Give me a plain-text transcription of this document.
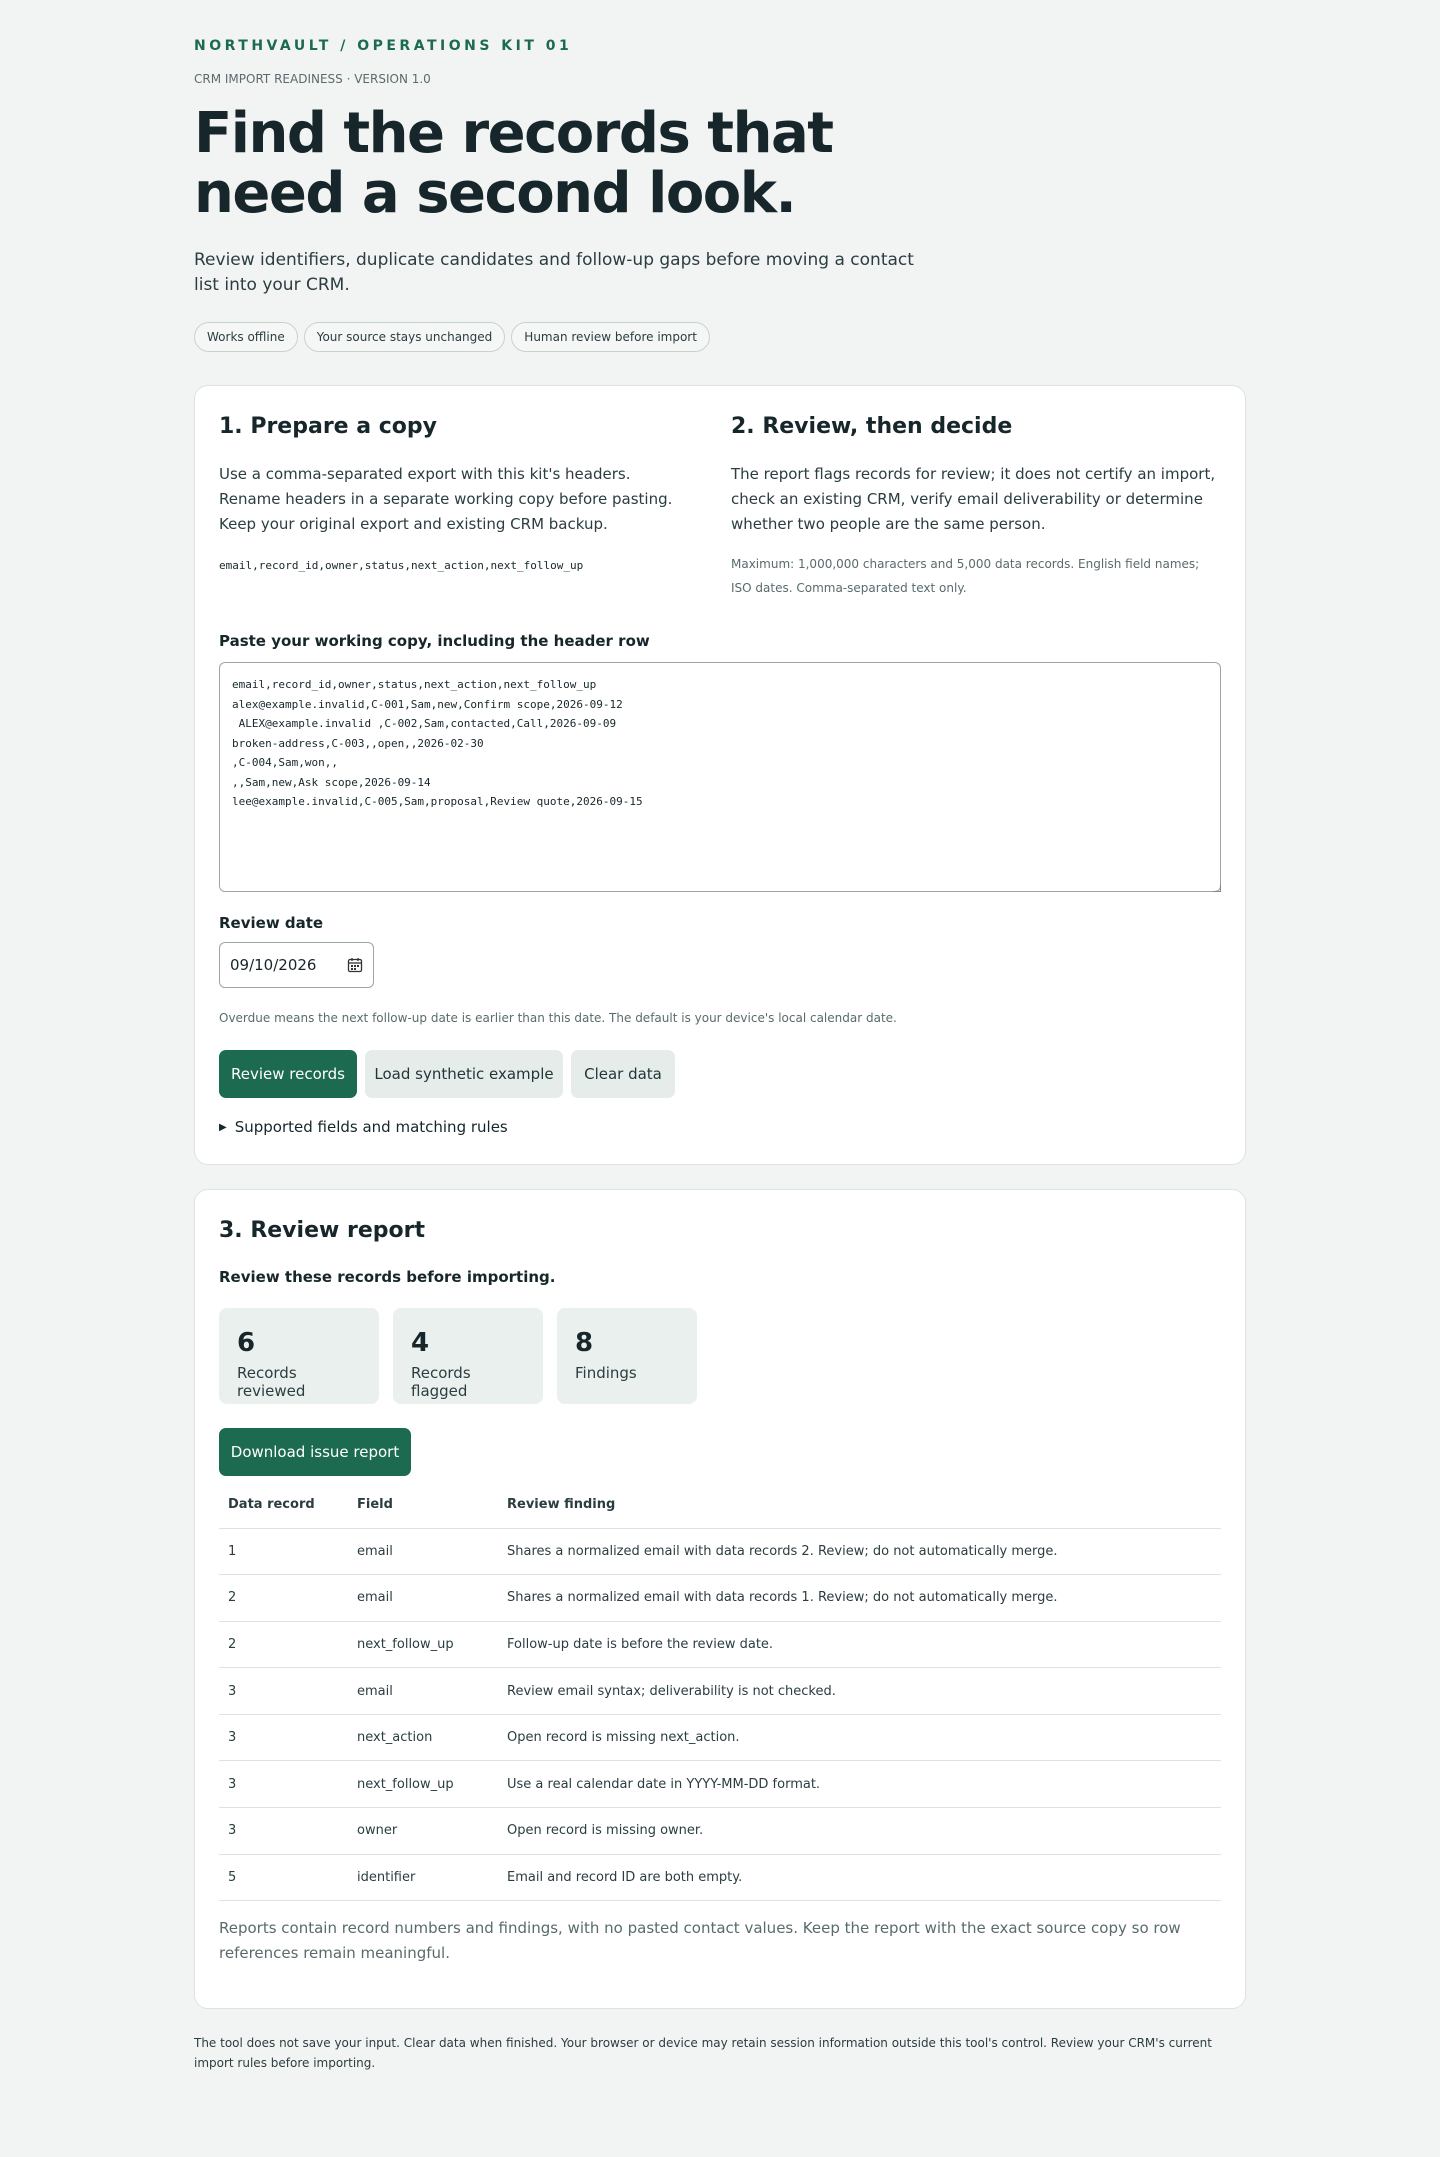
NORTHVAULT / OPERATIONS KIT 01
CRM IMPORT READINESS · VERSION 1.0
Find the records that need a second look.

Review identifiers, duplicate candidates and follow-up gaps before moving a contact list into your CRM.

Works offline	Your source stays unchanged	Human review before import
1. Prepare a copy

Use a comma-separated export with this kit's headers. Rename headers in a separate working copy before pasting. Keep your original export and existing CRM backup.

email,record_id,owner,status,next_action,next_follow_up
2. Review, then decide

The report flags records for review; it does not certify an import, check an existing CRM, verify email deliverability or determine whether two people are the same person.

Maximum: 1,000,000 characters and 5,000 data records. English field names; ISO dates. Comma-separated text only.

Paste your working copy, including the header row
email,record_id,owner,status,next_action,next_follow_up
alex@example.invalid,C-001,Sam,new,Confirm scope,2026-09-12
ALEX@example.invalid ,C-002,Sam,contacted,Call,2026-09-09
broken-address,C-003,,open,,2026-02-30
,C-004,Sam,won,,
,,Sam,new,Ask scope,2026-09-14
lee@example.invalid,C-005,Sam,proposal,Review quote,2026-09-15
Review date
09/10/2026

Overdue means the next follow-up date is earlier than this date. The default is your device's local calendar date.

Review records	Load synthetic example	Clear data
▶ Supported fields and matching rules
3. Review report
Review these records before importing.
6
Records reviewed
4
Records flagged
8
Findings
Download issue report
Data record	Field	Review finding
1	email	Shares a normalized email with data records 2. Review; do not automatically merge.
2	email	Shares a normalized email with data records 1. Review; do not automatically merge.
2	next_follow_up	Follow-up date is before the review date.
3	email	Review email syntax; deliverability is not checked.
3	next_action	Open record is missing next_action.
3	next_follow_up	Use a real calendar date in YYYY-MM-DD format.
3	owner	Open record is missing owner.
5	identifier	Email and record ID are both empty.

Reports contain record numbers and findings, with no pasted contact values. Keep the report with the exact source copy so row references remain meaningful.

The tool does not save your input. Clear data when finished. Your browser or device may retain session information outside this tool's control. Review your CRM's current import rules before importing.
